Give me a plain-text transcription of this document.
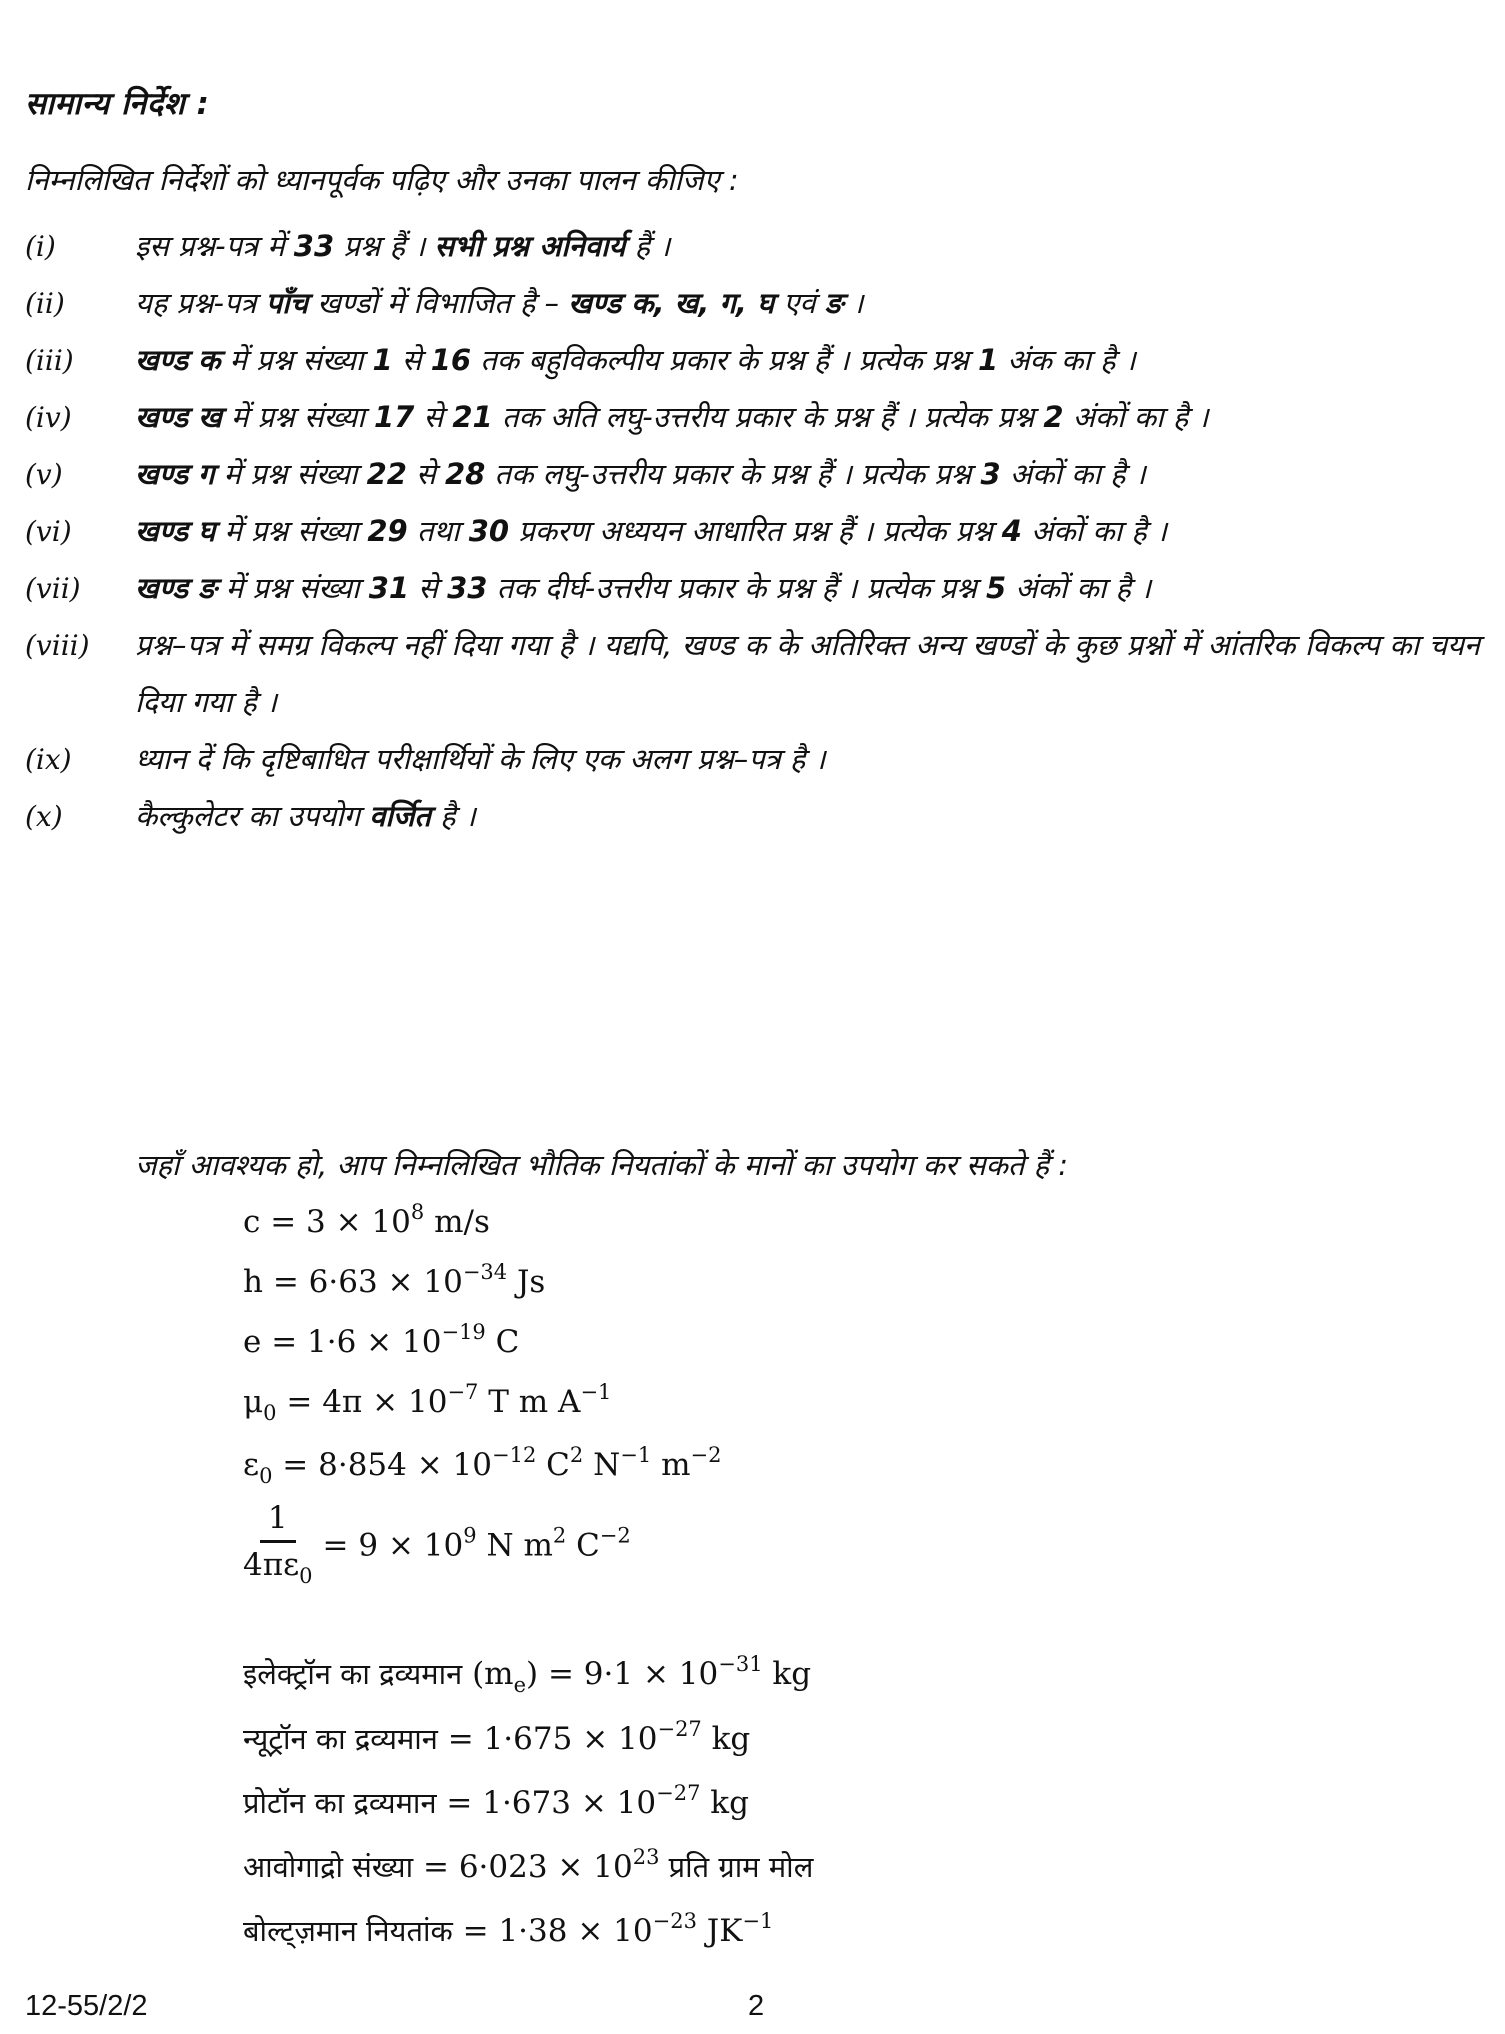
सामान्य निर्देश :
निम्नलिखित निर्देशों को ध्यानपूर्वक पढ़िए और उनका पालन कीजिए :
(i)	इस प्रश्न-पत्र में 33 प्रश्न हैं । सभी प्रश्न अनिवार्य हैं ।
(ii)	यह प्रश्न-पत्र पाँच खण्डों में विभाजित है – खण्ड क, ख, ग, घ एवं ङ ।
(iii)	खण्ड क में प्रश्न संख्या 1 से 16 तक बहुविकल्पीय प्रकार के प्रश्न हैं । प्रत्येक प्रश्न 1 अंक का है ।
(iv)	खण्ड ख में प्रश्न संख्या 17 से 21 तक अति लघु-उत्तरीय प्रकार के प्रश्न हैं । प्रत्येक प्रश्न 2 अंकों का है ।
(v)	खण्ड ग में प्रश्न संख्या 22 से 28 तक लघु-उत्तरीय प्रकार के प्रश्न हैं । प्रत्येक प्रश्न 3 अंकों का है ।
(vi)	खण्ड घ में प्रश्न संख्या 29 तथा 30 प्रकरण अध्ययन आधारित प्रश्न हैं । प्रत्येक प्रश्न 4 अंकों का है ।
(vii)	खण्ड ङ में प्रश्न संख्या 31 से 33 तक दीर्घ-उत्तरीय प्रकार के प्रश्न हैं । प्रत्येक प्रश्न 5 अंकों का है ।
(viii)	प्रश्न–पत्र में समग्र विकल्प नहीं दिया गया है । यद्यपि, खण्ड क के अतिरिक्त अन्य खण्डों के कुछ प्रश्नों में आंतरिक विकल्प का चयन दिया गया है ।
(ix)	ध्यान दें कि दृष्टिबाधित परीक्षार्थियों के लिए एक अलग प्रश्न–पत्र है ।
(x)	कैल्कुलेटर का उपयोग वर्जित है ।
जहाँ आवश्यक हो, आप निम्नलिखित भौतिक नियतांकों के मानों का उपयोग कर सकते हैं :
$c = 3 \times 10^8$ m/s
$h = 6\cdot 63 \times 10^{-34}$ Js
$e = 1\cdot 6 \times 10^{-19}$ C
$\mu_0 = 4\pi \times 10^{-7}$ T m $A^{-1}$
$\varepsilon_0 = 8\cdot 854 \times 10^{-12}$ $C^2$ $N^{-1}$ $m^{-2}$
$\frac{1}{4\pi\varepsilon_0} = 9 \times 10^9$ N $m^2$ $C^{-2}$
इलेक्ट्रॉन का द्रव्यमान $(m_e) = 9\cdot 1 \times 10^{-31}$ kg
न्यूट्रॉन का द्रव्यमान = $1\cdot 675 \times 10^{-27}$ kg
प्रोटॉन का द्रव्यमान = $1\cdot 673 \times 10^{-27}$ kg
आवोगाद्रो संख्या = $6\cdot 023 \times 10^{23}$ प्रति ग्राम मोल
बोल्ट्ज़मान नियतांक = $1\cdot 38 \times 10^{-23}$ $JK^{-1}$
12-55/2/2	2
